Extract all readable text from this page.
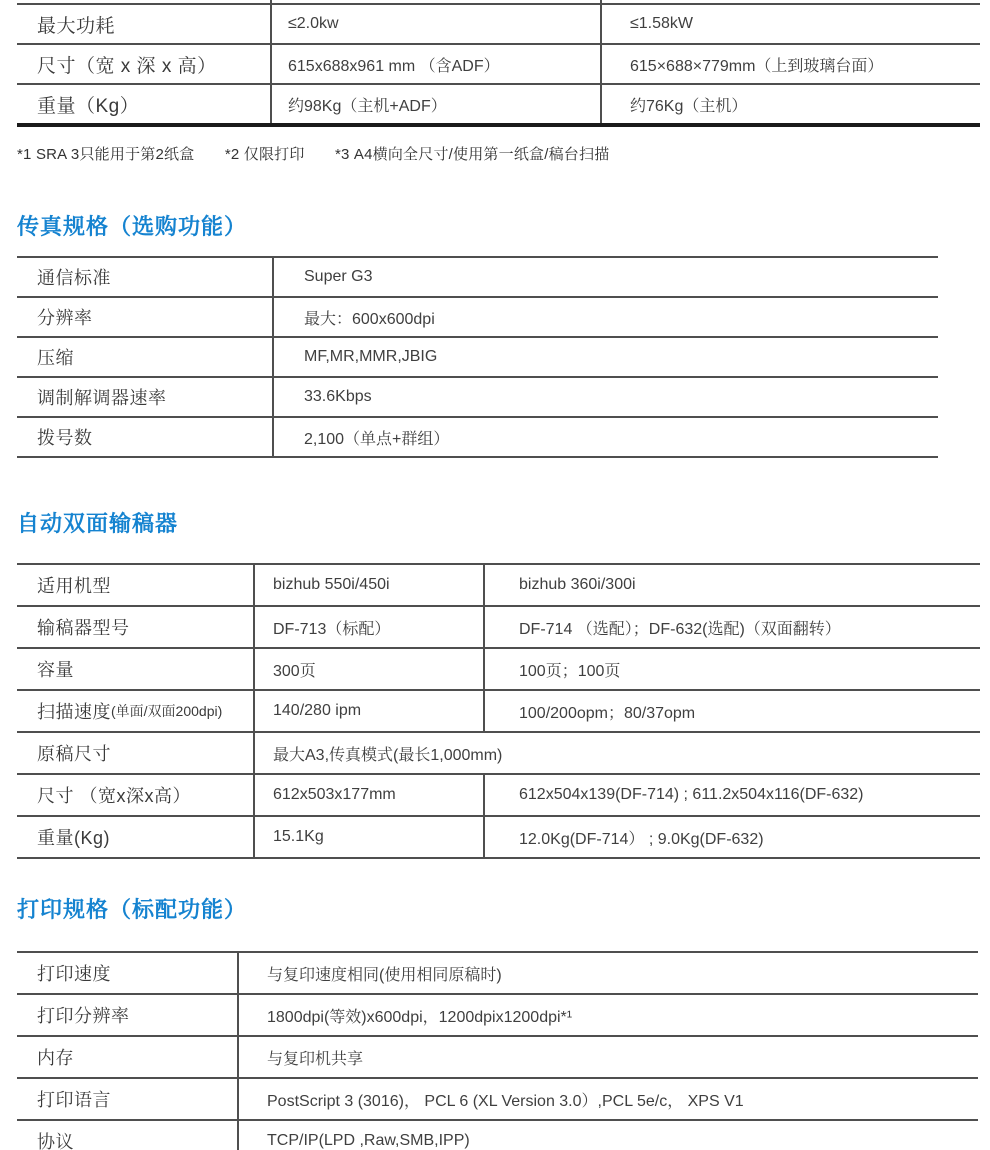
最大功耗	≤2.0kw	≤1.58kW
尺寸（宽 x 深 x 高）	615x688x961 mm （含ADF）	615×688×779mm（上到玻璃台面）
重量（Kg）	约98Kg（主机+ADF）	约76Kg（主机）
*1 SRA 3只能用于第2纸盒　　*2 仅限打印　　*3 A4横向全尺寸/使用第一纸盒/稿台扫描
传真规格（选购功能）
通信标准	Super G3
分辨率	最大：600x600dpi
压缩	MF,MR,MMR,JBIG
调制解调器速率	33.6Kbps
拨号数	2,100（单点+群组）
自动双面输稿器
适用机型	bizhub 550i/450i	bizhub 360i/300i
输稿器型号	DF-713（标配）	DF-714 （选配）；DF-632(选配)（双面翻转）
容量	300页	100页；100页
扫描速度 (单面/双面200dpi)	140/280 ipm	100/200opm；80/37opm
原稿尺寸	最大A3,传真模式(最长1,000mm)
尺寸 （宽x深x高）	612x503x177mm	612x504x139(DF-714) ; 611.2x504x116(DF-632)
重量(Kg)	15.1Kg	12.0Kg(DF-714） ; 9.0Kg(DF-632)
打印规格（标配功能）
打印速度	与复印速度相同(使用相同原稿时)
打印分辨率	1800dpi(等效)x600dpi，1200dpix1200dpi*¹
内存	与复印机共享
打印语言	PostScript 3 (3016)， PCL 6 (XL Version 3.0）,PCL 5e/c， XPS V1
协议	TCP/IP(LPD ,Raw,SMB,IPP)
